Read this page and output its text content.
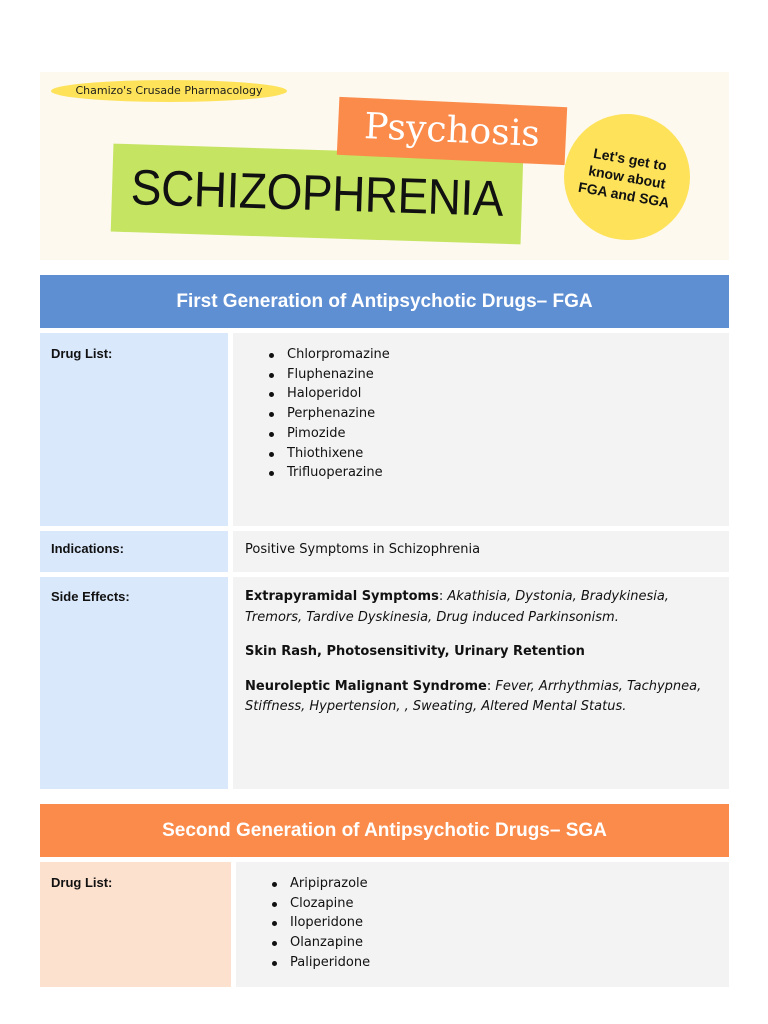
Chamizo's Crusade Pharmacology
SCHIZOPHRENIA
Psychosis
Let's get to know about FGA and SGA
First Generation of Antipsychotic Drugs– FGA
Drug List:	Chlorpromazine
Fluphenazine
Haloperidol
Perphenazine
Pimozide
Thiothixene
Trifluoperazine
Indications:	Positive Symptoms in Schizophrenia
Side Effects:	Extrapyramidal Symptoms: Akathisia, Dystonia, Bradykinesia, Tremors, Tardive Dyskinesia, Drug induced Parkinsonism.
Skin Rash, Photosensitivity, Urinary Retention
Neuroleptic Malignant Syndrome: Fever, Arrhythmias, Tachypnea, Stiffness, Hypertension, , Sweating, Altered Mental Status.
Second Generation of Antipsychotic Drugs– SGA
Drug List:	Aripiprazole
Clozapine
Iloperidone
Olanzapine
Paliperidone
